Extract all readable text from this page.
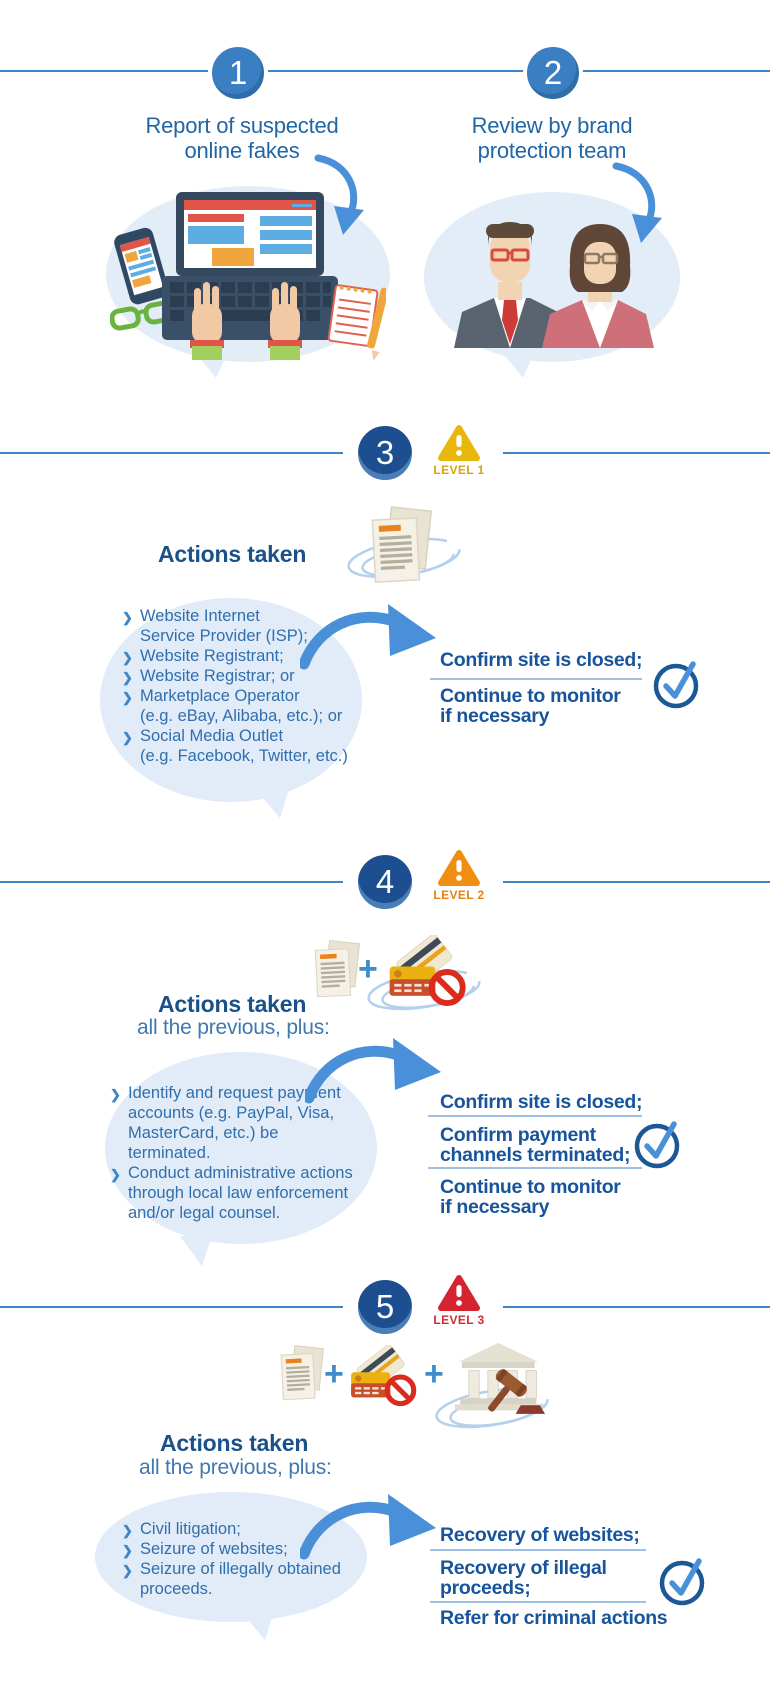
1	2
Report of suspected
online fakes
Review by brand
protection team
3	LEVEL 1
Actions taken
❯ Website Internet
Service Provider (ISP);
❯ Website Registrant;
❯ Website Registrar; or
❯ Marketplace Operator
(e.g. eBay, Alibaba, etc.); or
❯ Social Media Outlet
(e.g. Facebook, Twitter, etc.)
Confirm site is closed;
Continue to monitor
if necessary
4	LEVEL 2
+
Actions taken
all the previous, plus:
❯ Identify and request payment
accounts (e.g. PayPal, Visa,
MasterCard, etc.) be terminated.
❯ Conduct administrative actions
through local law enforcement
and/or legal counsel.
Confirm site is closed;
Confirm payment
channels terminated;
Continue to monitor
if necessary
5	LEVEL 3
+ +
Actions taken
all the previous, plus:
❯ Civil litigation;
❯ Seizure of websites;
❯ Seizure of illegally obtained
proceeds.
Recovery of websites;
Recovery of illegal
proceeds;
Refer for criminal actions
